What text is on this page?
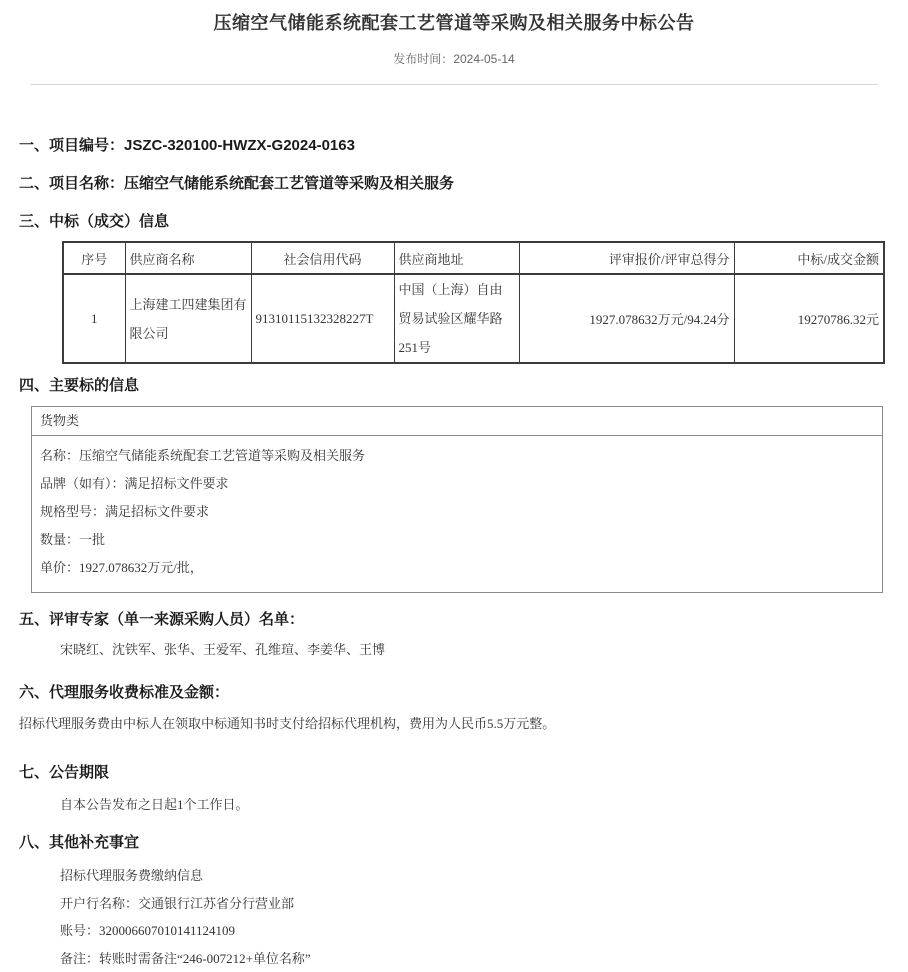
压缩空气储能系统配套工艺管道等采购及相关服务中标公告
发布时间：2024-05-14
一、项目编号：JSZC-320100-HWZX-G2024-0163
二、项目名称：压缩空气储能系统配套工艺管道等采购及相关服务
三、中标（成交）信息
序号	供应商名称	社会信用代码	供应商地址	评审报价/评审总得分	中标/成交金额
1	上海建工四建集团有限公司	91310115132328227T	中国（上海）自由贸易试验区耀华路251号	1927.078632万元/94.24分	19270786.32元
四、主要标的信息
货物类
名称：压缩空气储能系统配套工艺管道等采购及相关服务
品牌（如有）：满足招标文件要求
规格型号：满足招标文件要求
数量：一批
单价：1927.078632万元/批，
五、评审专家（单一来源采购人员）名单：
宋晓红、沈铁军、张华、王爱军、孔维瑄、李姜华、王博
六、代理服务收费标准及金额：
招标代理服务费由中标人在领取中标通知书时支付给招标代理机构，费用为人民币5.5万元整。
七、公告期限
自本公告发布之日起1个工作日。
八、其他补充事宜
招标代理服务费缴纳信息
开户行名称：交通银行江苏省分行营业部
账号：320006607010141124109
备注：转账时需备注“246-007212+单位名称”
